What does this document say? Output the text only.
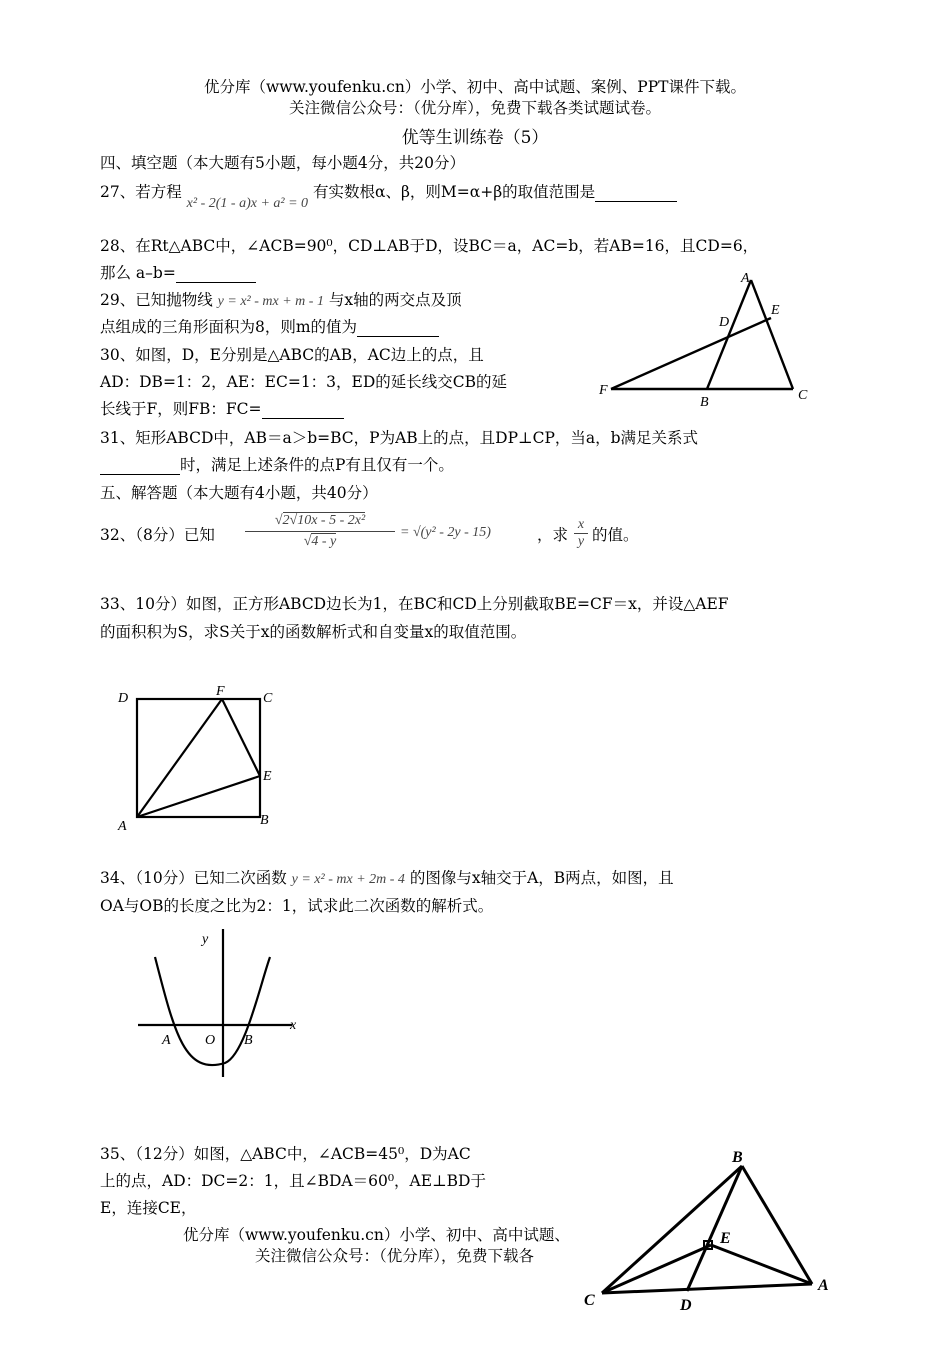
优分库（www.youfenku.cn）小学、初中、高中试题、案例、PPT课件下载。
关注微信公众号：（优分库），免费下载各类试题试卷。
优等生训练卷（5）
四、填空题（本大题有5小题，每小题4分，共20分）
27、若方程 x² - 2(1 - a)x + a² = 0 有实数根α、β，则M=α+β的取值范围是
28、在Rt△ABC中，∠ACB=90⁰，CD⊥AB于D，设BC＝a，AC=b，若AB=16，且CD=6，
那么 a–b=
29、已知抛物线 y = x² - mx + m - 1 与x轴的两交点及顶
点组成的三角形面积为8，则m的值为
30、如图，D，E分别是△ABC的AB，AC边上的点，且
AD：DB=1：2，AE：EC=1：3，ED的延长线交CB的延
长线于F，则FB：FC=
A
E
D
F
B	C
31、矩形ABCD中，AB＝a＞b=BC，P为AB上的点，且DP⊥CP，当a，b满足关系式
时，满足上述条件的点P有且仅有一个。
五、解答题（本大题有4小题，共40分）
32、（8分）已知
√2√10x - 5 - 2x²
√4 - y
= √(y² - 2y - 15)	，求
x
y 的值。
33、10分）如图，正方形ABCD边长为1，在BC和CD上分别截取BE=CF＝x，并设△AEF
的面积积为S，求S关于x的函数解析式和自变量x的取值范围。
D	F	C
E
A	B
34、（10分）已知二次函数 y = x² - mx + 2m - 4 的图像与x轴交于A，B两点，如图，且
OA与OB的长度之比为2：1，试求此二次函数的解析式。
y
x
A O B
35、（12分）如图，△ABC中，∠ACB=45⁰，D为AC
上的点，AD：DC=2：1，且∠BDA＝60⁰，AE⊥BD于
E，连接CE，
优分库（www.youfenku.cn）小学、初中、高中试题、
关注微信公众号：（优分库），免费下载各
B
E
C	D
A
